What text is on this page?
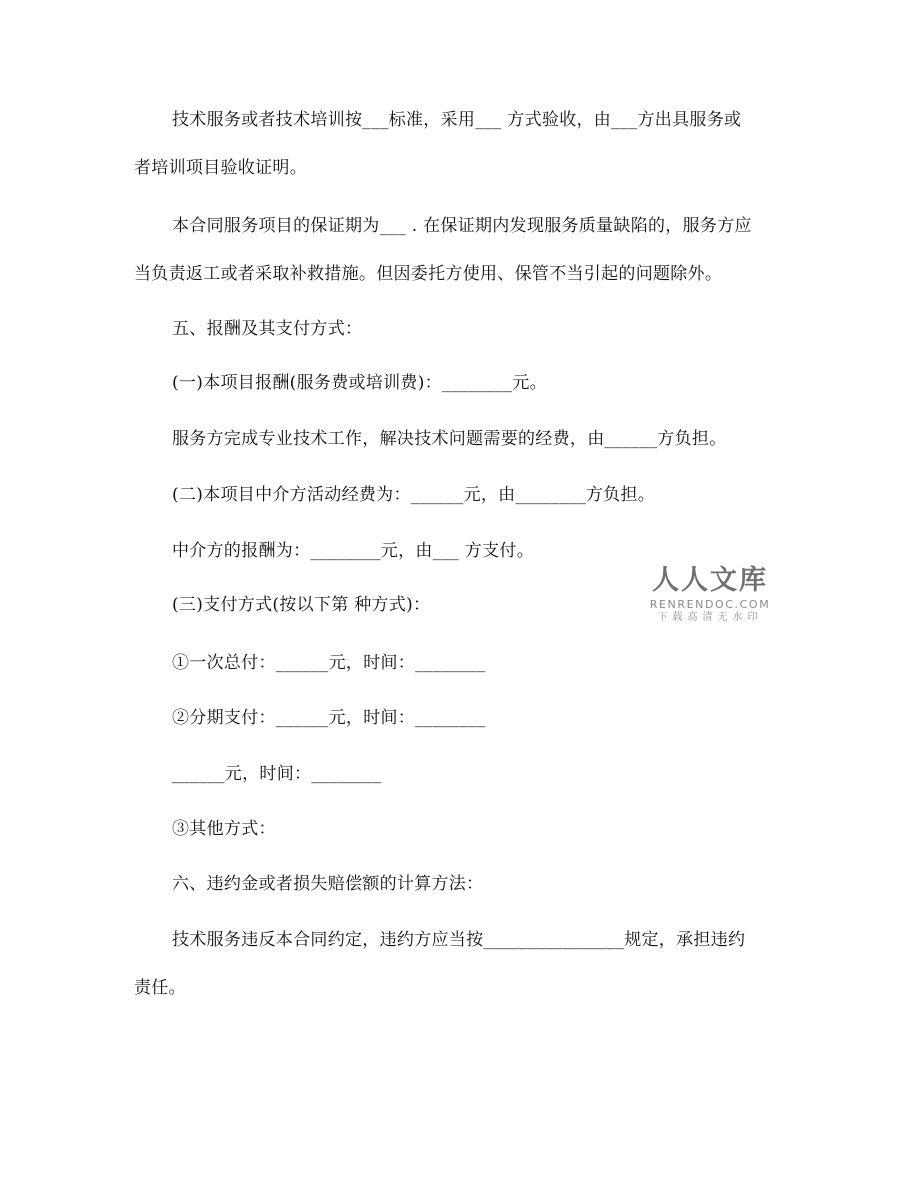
技术服务或者技术培训按___标准，采用___ 方式验收，由___方出具服务或
者培训项目验收证明。
本合同服务项目的保证期为___ . 在保证期内发现服务质量缺陷的，服务方应
当负责返工或者采取补救措施。但因委托方使用、保管不当引起的问题除外。
五、报酬及其支付方式：
(一)本项目报酬(服务费或培训费)：________元。
服务方完成专业技术工作，解决技术问题需要的经费，由______方负担。
(二)本项目中介方活动经费为：______元，由________方负担。
中介方的报酬为：________元，由___ 方支付。
(三)支付方式(按以下第 种方式)：
①一次总付：______元，时间：________
②分期支付：______元，时间：________
______元，时间：________
③其他方式：
六、违约金或者损失赔偿额的计算方法：
技术服务违反本合同约定，违约方应当按________________规定，承担违约
责任。
人人文库
RENRENDOC.COM
下载高清无水印
